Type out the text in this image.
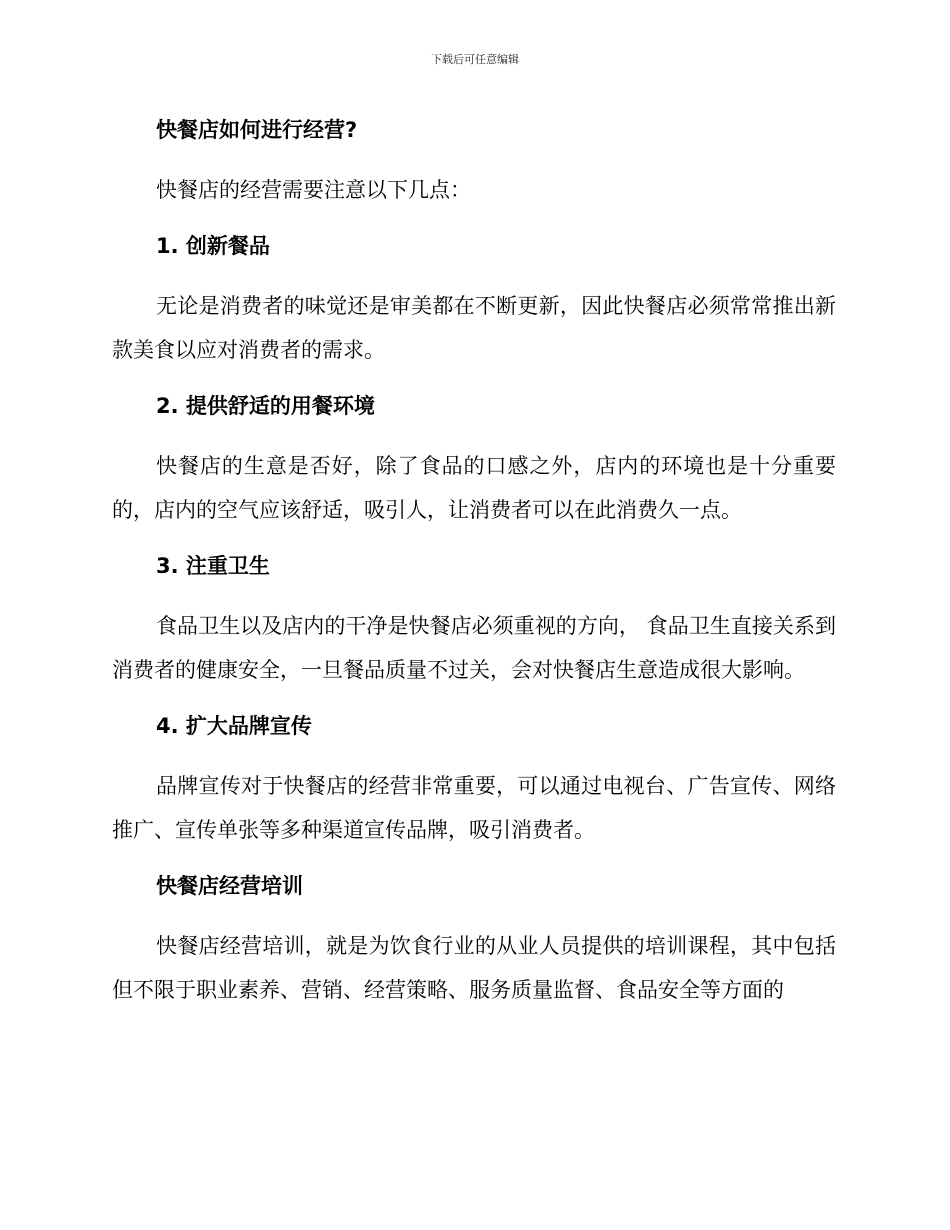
下载后可任意编辑
快餐店如何进行经营?

快餐店的经营需要注意以下几点：

1. 创新餐品

无论是消费者的味觉还是审美都在不断更新，因此快餐店必须常常推出新款美食以应对消费者的需求。

2. 提供舒适的用餐环境

快餐店的生意是否好，除了食品的口感之外，店内的环境也是十分重要的，店内的空气应该舒适，吸引人，让消费者可以在此消费久一点。

3. 注重卫生

食品卫生以及店内的干净是快餐店必须重视的方向， 食品卫生直接关系到消费者的健康安全，一旦餐品质量不过关，会对快餐店生意造成很大影响。

4. 扩大品牌宣传

品牌宣传对于快餐店的经营非常重要，可以通过电视台、广告宣传、网络推广、宣传单张等多种渠道宣传品牌，吸引消费者。

快餐店经营培训

快餐店经营培训，就是为饮食行业的从业人员提供的培训课程，其中包括但不限于职业素养、营销、经营策略、服务质量监督、食品安全等方面的
